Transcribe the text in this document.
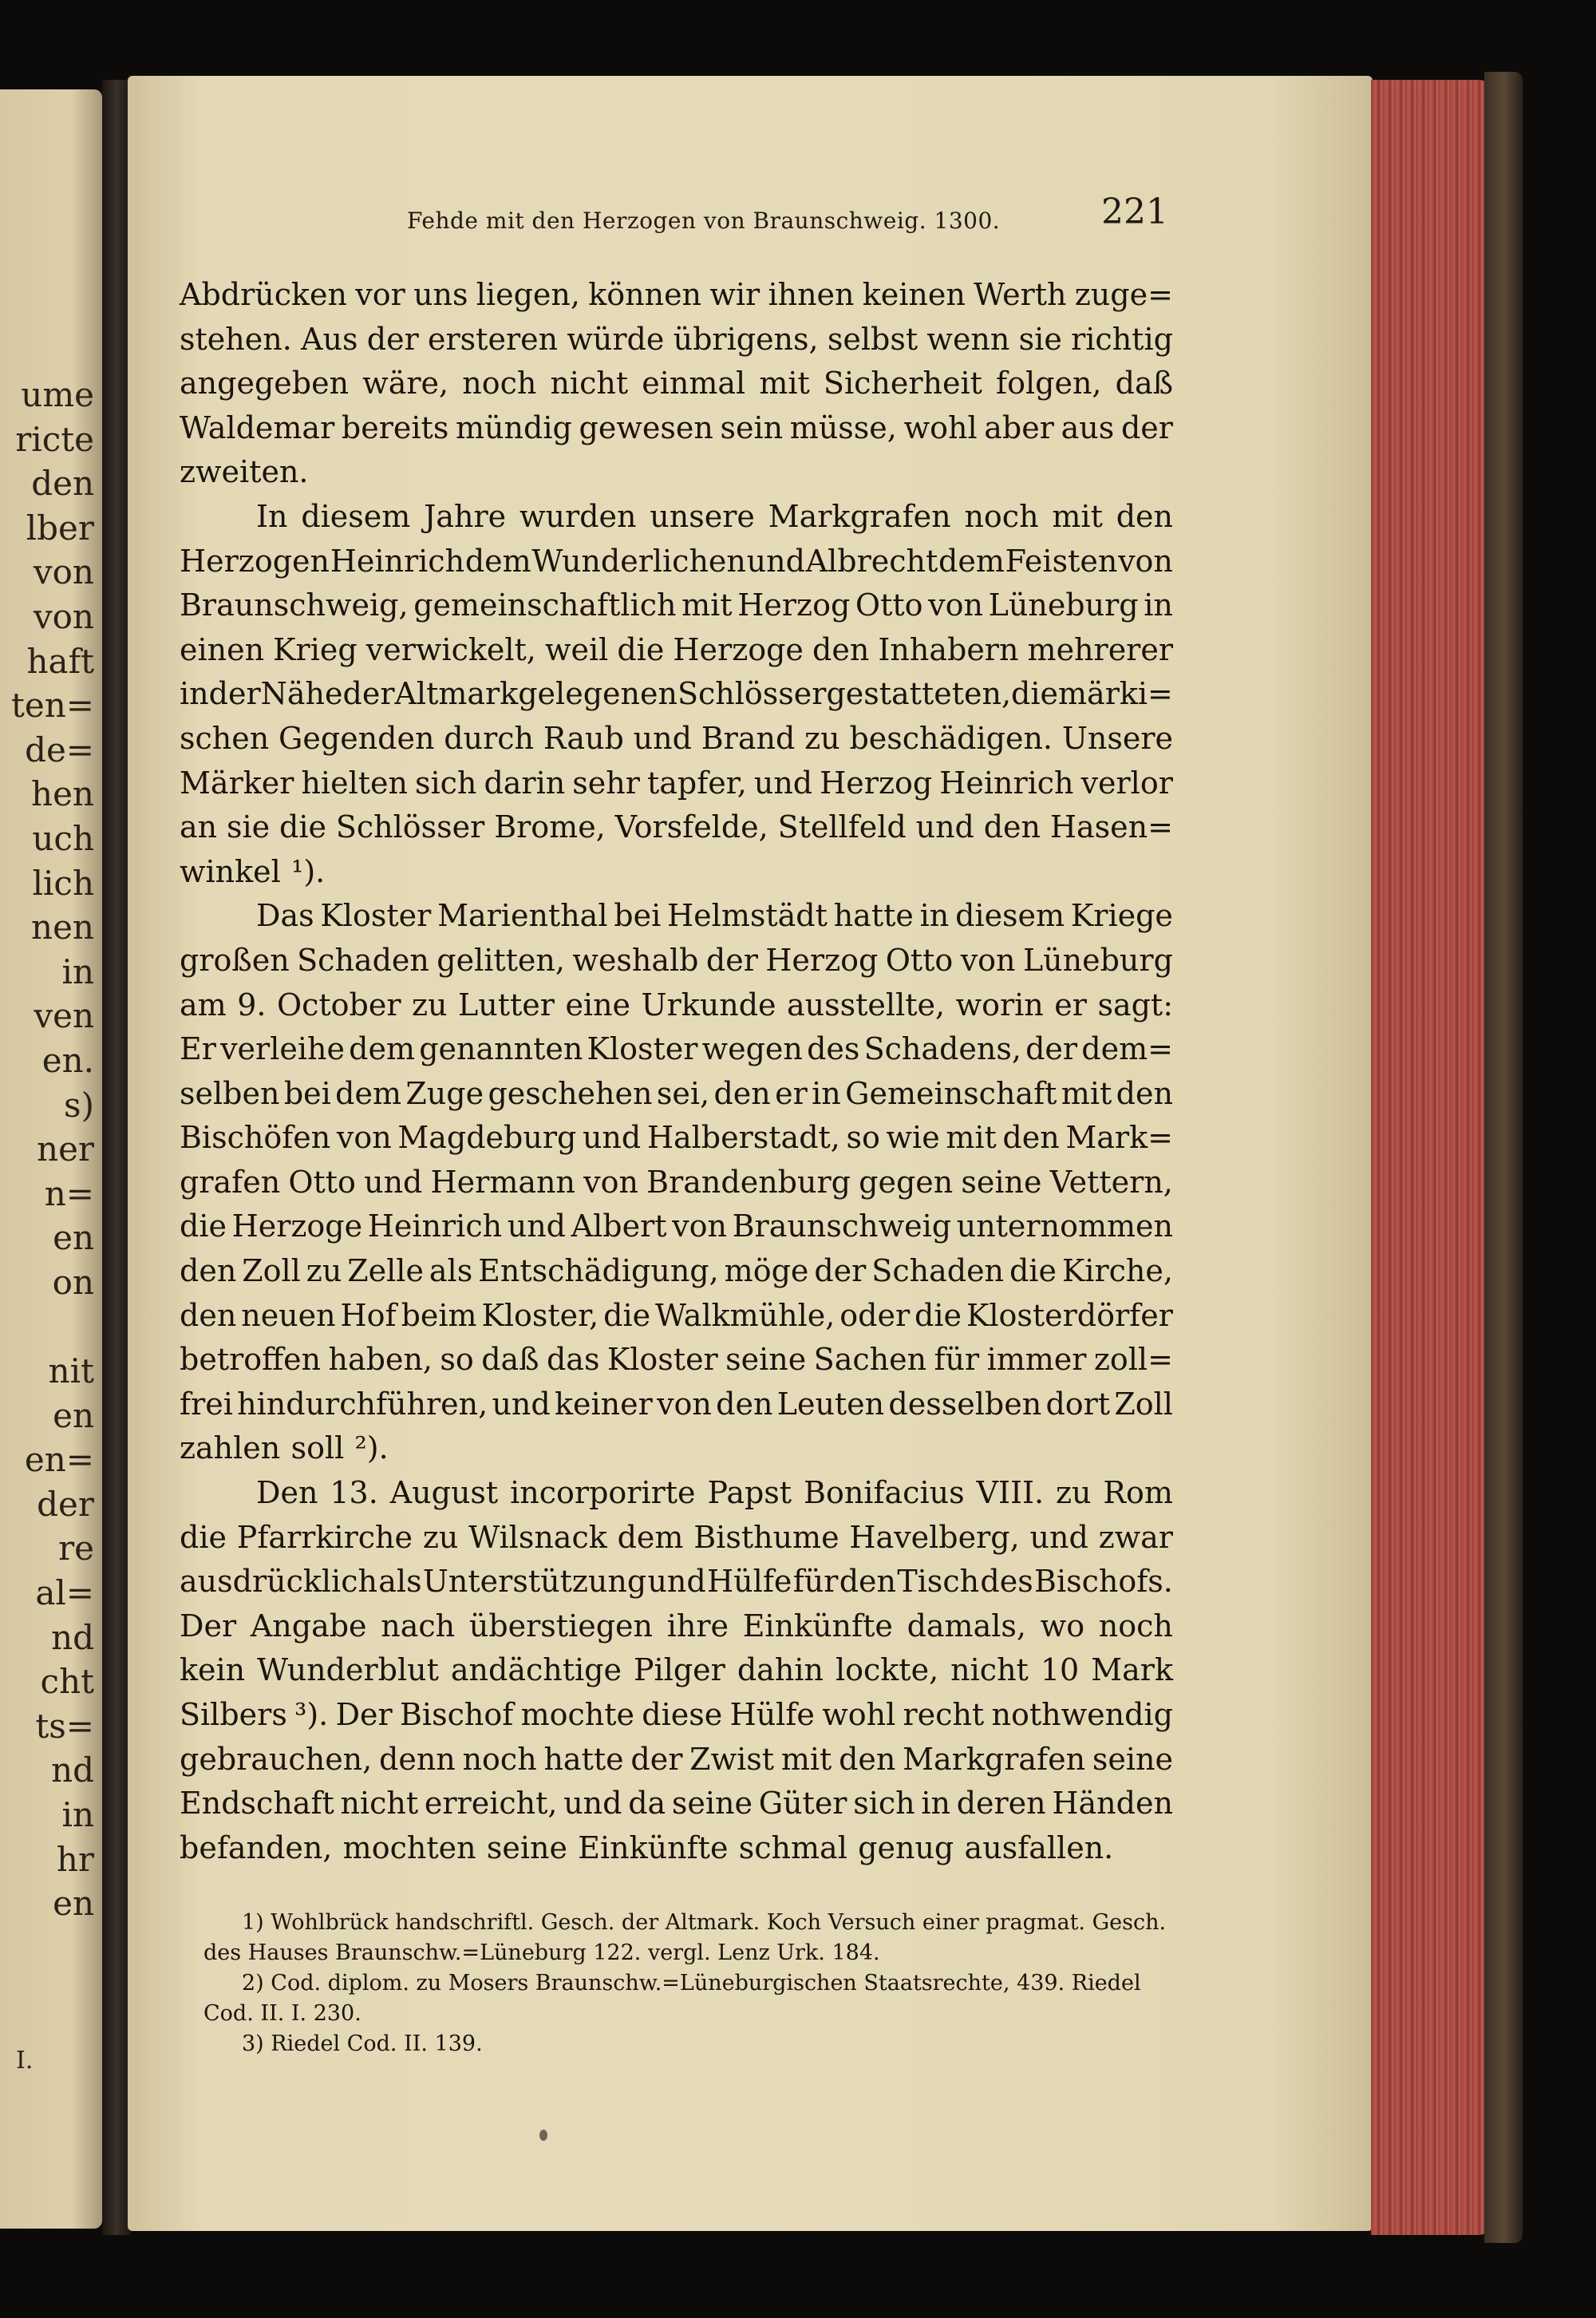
ume
ricte
den
lber
von
von
haft
ten=
de=
hen
uch
lich
nen
in
ven
en.
s)
ner
n=
en
on
nit
en
en=
der
re
al=
nd
cht
ts=
nd
in
hr
en
I.
Fehde mit den Herzogen von Braunschweig. 1300.	221
Abdrücken vor uns liegen, können wir ihnen keinen Werth zuge=
stehen. Aus der ersteren würde übrigens, selbst wenn sie richtig
angegeben wäre, noch nicht einmal mit Sicherheit folgen, daß
Waldemar bereits mündig gewesen sein müsse, wohl aber aus der
zweiten.
In diesem Jahre wurden unsere Markgrafen noch mit den
Herzogen Heinrich dem Wunderlichen und Albrecht dem Feisten von
Braunschweig, gemeinschaftlich mit Herzog Otto von Lüneburg in
einen Krieg verwickelt, weil die Herzoge den Inhabern mehrerer
in der Nähe der Altmark gelegenen Schlösser gestatteten, die märki=
schen Gegenden durch Raub und Brand zu beschädigen. Unsere
Märker hielten sich darin sehr tapfer, und Herzog Heinrich verlor
an sie die Schlösser Brome, Vorsfelde, Stellfeld und den Hasen=
winkel ¹).
Das Kloster Marienthal bei Helmstädt hatte in diesem Kriege
großen Schaden gelitten, weshalb der Herzog Otto von Lüneburg
am 9. October zu Lutter eine Urkunde ausstellte, worin er sagt:
Er verleihe dem genannten Kloster wegen des Schadens, der dem=
selben bei dem Zuge geschehen sei, den er in Gemeinschaft mit den
Bischöfen von Magdeburg und Halberstadt, so wie mit den Mark=
grafen Otto und Hermann von Brandenburg gegen seine Vettern,
die Herzoge Heinrich und Albert von Braunschweig unternommen
den Zoll zu Zelle als Entschädigung, möge der Schaden die Kirche,
den neuen Hof beim Kloster, die Walkmühle, oder die Klosterdörfer
betroffen haben, so daß das Kloster seine Sachen für immer zoll=
frei hindurchführen, und keiner von den Leuten desselben dort Zoll
zahlen soll ²).
Den 13. August incorporirte Papst Bonifacius VIII. zu Rom
die Pfarrkirche zu Wilsnack dem Bisthume Havelberg, und zwar
ausdrücklich als Unterstützung und Hülfe für den Tisch des Bischofs.
Der Angabe nach überstiegen ihre Einkünfte damals, wo noch
kein Wunderblut andächtige Pilger dahin lockte, nicht 10 Mark
Silbers ³). Der Bischof mochte diese Hülfe wohl recht nothwendig
gebrauchen, denn noch hatte der Zwist mit den Markgrafen seine
Endschaft nicht erreicht, und da seine Güter sich in deren Händen
befanden, mochten seine Einkünfte schmal genug ausfallen.
1) Wohlbrück handschriftl. Gesch. der Altmark. Koch Versuch einer pragmat. Gesch.
des Hauses Braunschw.=Lüneburg 122. vergl. Lenz Urk. 184.
2) Cod. diplom. zu Mosers Braunschw.=Lüneburgischen Staatsrechte, 439. Riedel
Cod. II. I. 230.
3) Riedel Cod. II. 139.
